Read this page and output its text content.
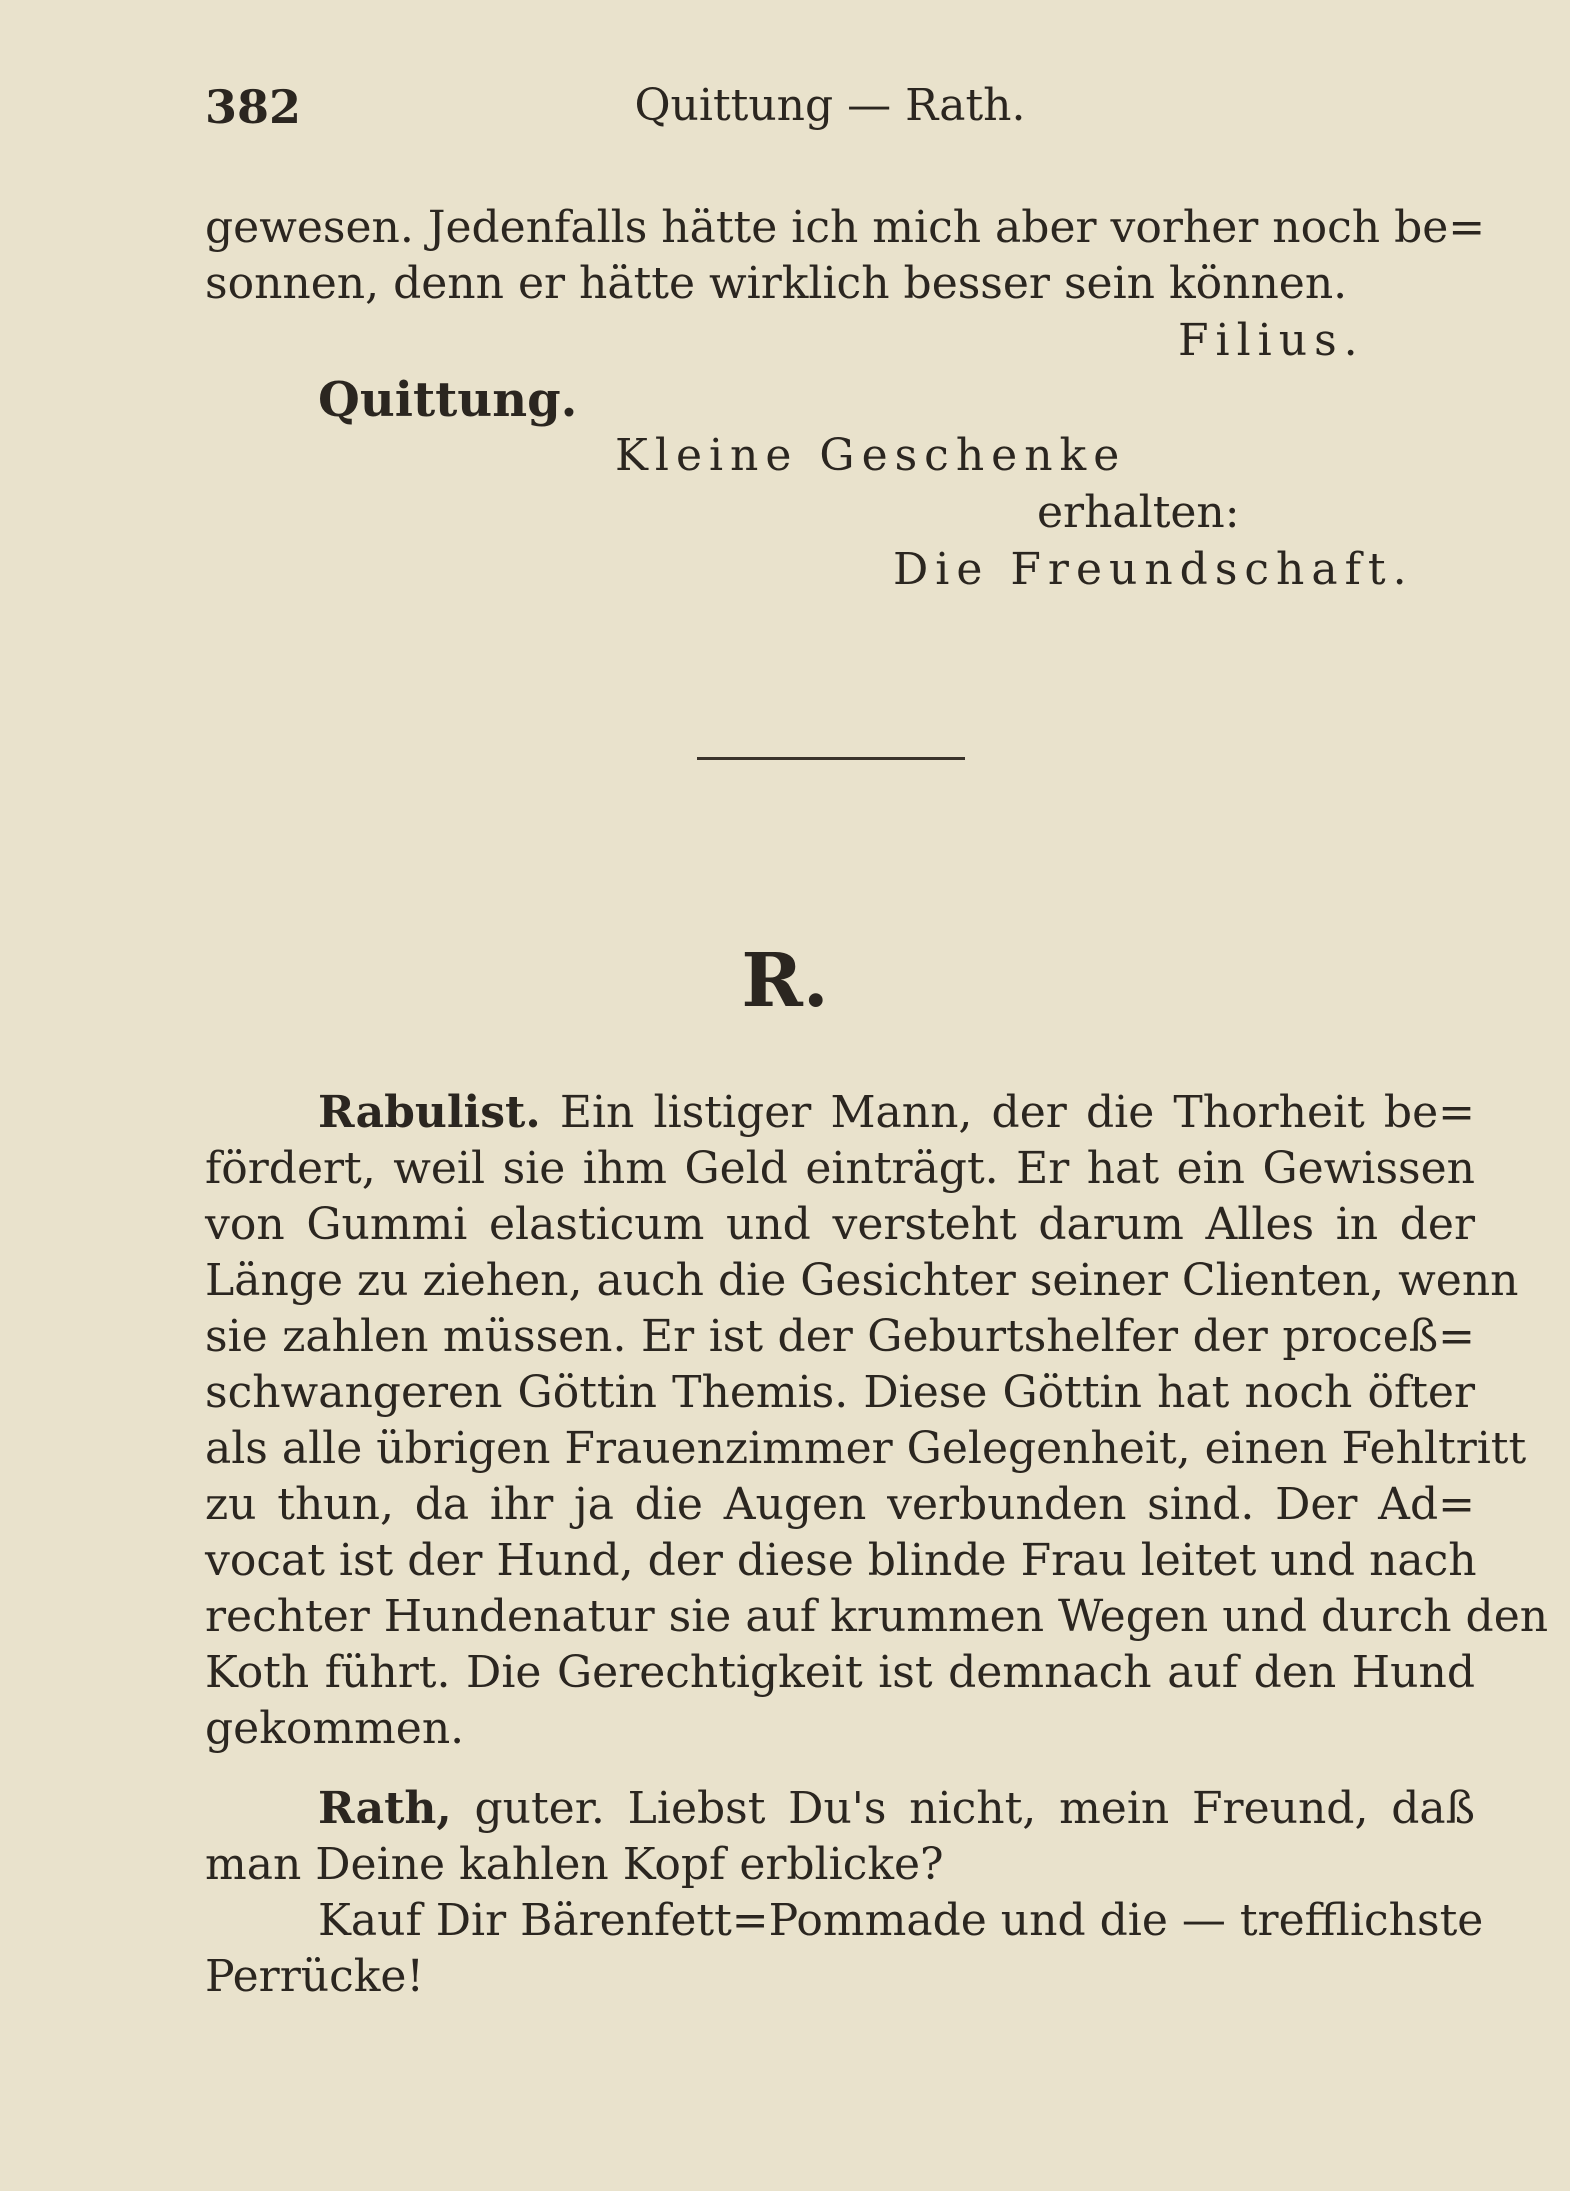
382	Quittung — Rath.
gewesen. Jedenfalls hätte ich mich aber vorher noch be=
sonnen, denn er hätte wirklich besser sein können.
Filius.
Quittung.
Kleine Geschenke
erhalten:
Die Freundschaft.
R.
Rabulist. Ein listiger Mann, der die Thorheit be=
fördert, weil sie ihm Geld einträgt. Er hat ein Gewissen
von Gummi elasticum und versteht darum Alles in der
Länge zu ziehen, auch die Gesichter seiner Clienten, wenn
sie zahlen müssen. Er ist der Geburtshelfer der proceß=
schwangeren Göttin Themis. Diese Göttin hat noch öfter
als alle übrigen Frauenzimmer Gelegenheit, einen Fehltritt
zu thun, da ihr ja die Augen verbunden sind. Der Ad=
vocat ist der Hund, der diese blinde Frau leitet und nach
rechter Hundenatur sie auf krummen Wegen und durch den
Koth führt. Die Gerechtigkeit ist demnach auf den Hund
gekommen.
Rath, guter. Liebst Du's nicht, mein Freund, daß
man Deine kahlen Kopf erblicke?
Kauf Dir Bärenfett=Pommade und die — trefflichste
Perrücke!
